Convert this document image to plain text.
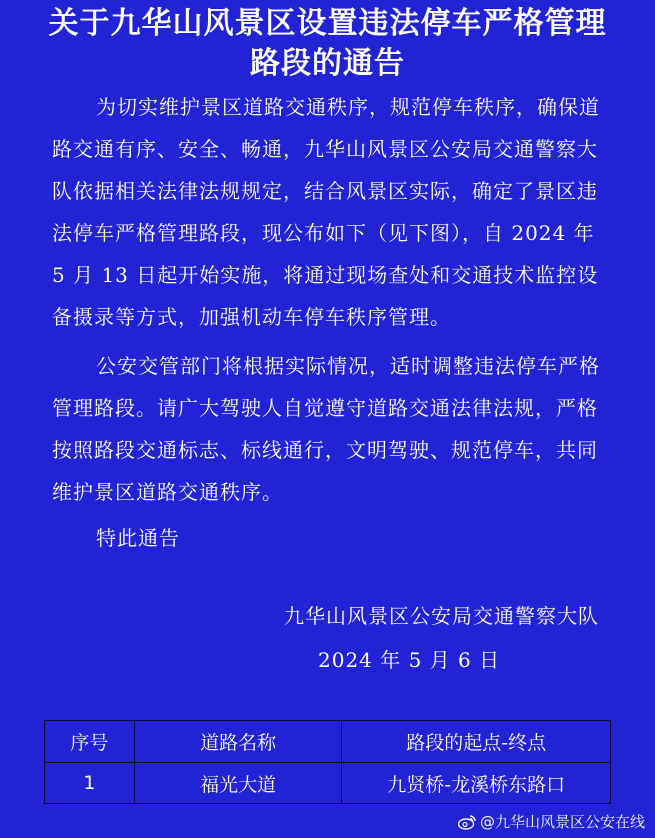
关于九华山风景区设置违法停车严格管理
路段的通告
为切实维护景区道路交通秩序，规范停车秩序，确保道路交通有序、安全、畅通，九华山风景区公安局交通警察大队依据相关法律法规规定，结合风景区实际，确定了景区违法停车严格管理路段，现公布如下（见下图），自 2024 年 5 月 13 日起开始实施，将通过现场查处和交通技术监控设备摄录等方式，加强机动车停车秩序管理。
公安交管部门将根据实际情况，适时调整违法停车严格管理路段。请广大驾驶人自觉遵守道路交通法律法规，严格按照路段交通标志、标线通行，文明驾驶、规范停车，共同维护景区道路交通秩序。
特此通告
九华山风景区公安局交通警察大队
2024 年 5 月 6 日
序号	道路名称	路段的起点-终点
1	福光大道	九贤桥-龙溪桥东路口
@九华山风景区公安在线
